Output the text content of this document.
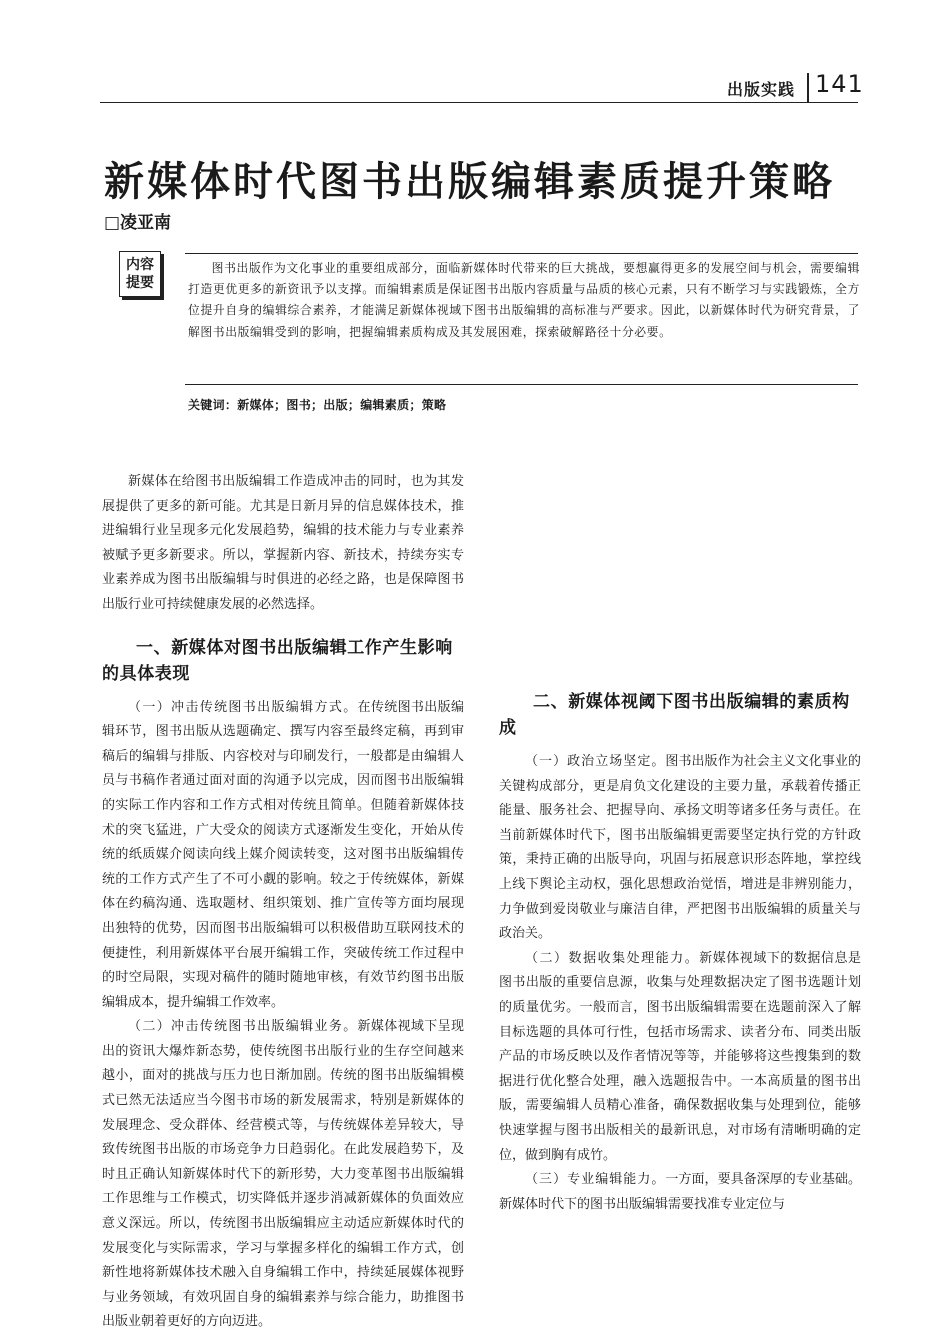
出版实践 141
新媒体时代图书出版编辑素质提升策略
□凌亚南
内容
提要

图书出版作为文化事业的重要组成部分，面临新媒体时代带来的巨大挑战，要想赢得更多的发展空间与机会，需要编辑打造更优更多的新资讯予以支撑。而编辑素质是保证图书出版内容质量与品质的核心元素，只有不断学习与实践锻炼，全方位提升自身的编辑综合素养，才能满足新媒体视域下图书出版编辑的高标准与严要求。因此，以新媒体时代为研究背景，了解图书出版编辑受到的影响，把握编辑素质构成及其发展困难，探索破解路径十分必要。

关键词：新媒体；图书；出版；编辑素质；策略

新媒体在给图书出版编辑工作造成冲击的同时，也为其发展提供了更多的新可能。尤其是日新月异的信息媒体技术，推进编辑行业呈现多元化发展趋势，编辑的技术能力与专业素养被赋予更多新要求。所以，掌握新内容、新技术，持续夯实专业素养成为图书出版编辑与时俱进的必经之路，也是保障图书出版行业可持续健康发展的必然选择。

一、新媒体对图书出版编辑工作产生影响的具体表现

（一）冲击传统图书出版编辑方式。在传统图书出版编辑环节，图书出版从选题确定、撰写内容至最终定稿，再到审稿后的编辑与排版、内容校对与印刷发行，一般都是由编辑人员与书稿作者通过面对面的沟通予以完成，因而图书出版编辑的实际工作内容和工作方式相对传统且简单。但随着新媒体技术的突飞猛进，广大受众的阅读方式逐渐发生变化，开始从传统的纸质媒介阅读向线上媒介阅读转变，这对图书出版编辑传统的工作方式产生了不可小觑的影响。较之于传统媒体，新媒体在约稿沟通、选取题材、组织策划、推广宣传等方面均展现出独特的优势，因而图书出版编辑可以积极借助互联网技术的便捷性，利用新媒体平台展开编辑工作，突破传统工作过程中的时空局限，实现对稿件的随时随地审核，有效节约图书出版编辑成本，提升编辑工作效率。

（二）冲击传统图书出版编辑业务。新媒体视域下呈现出的资讯大爆炸新态势，使传统图书出版行业的生存空间越来越小，面对的挑战与压力也日渐加剧。传统的图书出版编辑模式已然无法适应当今图书市场的新发展需求，特别是新媒体的发展理念、受众群体、经营模式等，与传统媒体差异较大，导致传统图书出版的市场竞争力日趋弱化。在此发展趋势下，及时且正确认知新媒体时代下的新形势，大力变革图书出版编辑工作思维与工作模式，切实降低并逐步消减新媒体的负面效应意义深远。所以，传统图书出版编辑应主动适应新媒体时代的发展变化与实际需求，学习与掌握多样化的编辑工作方式，创新性地将新媒体技术融入自身编辑工作中，持续延展媒体视野与业务领域，有效巩固自身的编辑素养与综合能力，助推图书出版业朝着更好的方向迈进。

二、新媒体视阈下图书出版编辑的素质构成

（一）政治立场坚定。图书出版作为社会主义文化事业的关键构成部分，更是肩负文化建设的主要力量，承载着传播正能量、服务社会、把握导向、承扬文明等诸多任务与责任。在当前新媒体时代下，图书出版编辑更需要坚定执行党的方针政策，秉持正确的出版导向，巩固与拓展意识形态阵地，掌控线上线下舆论主动权，强化思想政治觉悟，增进是非辨别能力，力争做到爱岗敬业与廉洁自律，严把图书出版编辑的质量关与政治关。

（二）数据收集处理能力。新媒体视域下的数据信息是图书出版的重要信息源，收集与处理数据决定了图书选题计划的质量优劣。一般而言，图书出版编辑需要在选题前深入了解目标选题的具体可行性，包括市场需求、读者分布、同类出版产品的市场反映以及作者情况等等，并能够将这些搜集到的数据进行优化整合处理，融入选题报告中。一本高质量的图书出版，需要编辑人员精心准备，确保数据收集与处理到位，能够快速掌握与图书出版相关的最新讯息，对市场有清晰明确的定位，做到胸有成竹。

（三）专业编辑能力。一方面，要具备深厚的专业基础。新媒体时代下的图书出版编辑需要找准专业定位与
